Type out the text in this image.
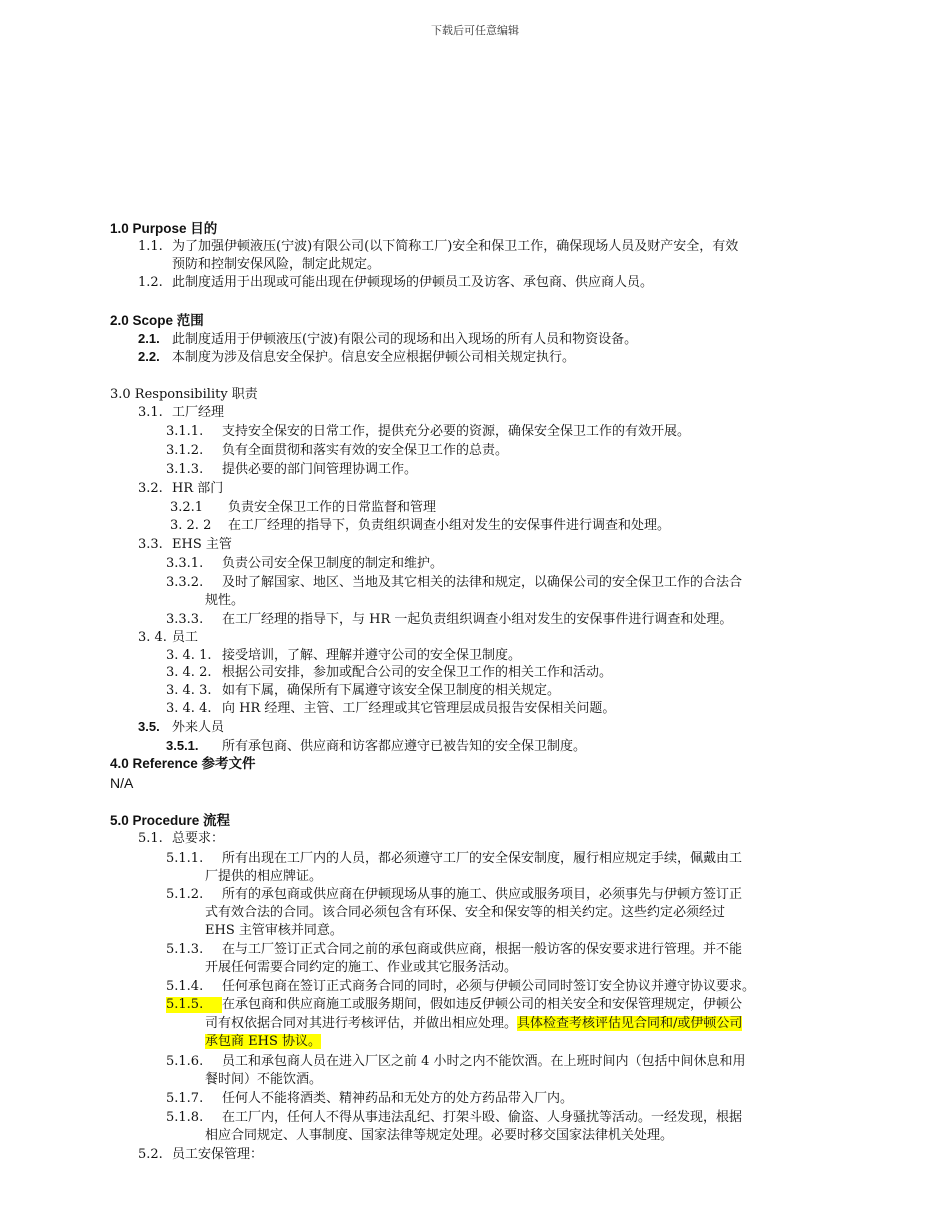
下载后可任意编辑
1.0 Purpose 目的
1.1. 为了加强伊顿液压(宁波)有限公司(以下简称工厂)安全和保卫工作，确保现场人员及财产安全，有效
预防和控制安保风险，制定此规定。
1.2. 此制度适用于出现或可能出现在伊顿现场的伊顿员工及访客、承包商、供应商人员。
2.0 Scope 范围
2.1. 此制度适用于伊顿液压(宁波)有限公司的现场和出入现场的所有人员和物资设备。
2.2. 本制度为涉及信息安全保护。信息安全应根据伊顿公司相关规定执行。
3.0 Responsibility 职责
3.1. 工厂经理
3.1.1. 支持安全保安的日常工作，提供充分必要的资源，确保安全保卫工作的有效开展。
3.1.2. 负有全面贯彻和落实有效的安全保卫工作的总责。
3.1.3. 提供必要的部门间管理协调工作。
3.2. HR 部门
3.2.1 负责安全保卫工作的日常监督和管理
3. 2. 2 在工厂经理的指导下，负责组织调查小组对发生的安保事件进行调查和处理。
3.3. EHS 主管
3.3.1. 负责公司安全保卫制度的制定和维护。
3.3.2. 及时了解国家、地区、当地及其它相关的法律和规定，以确保公司的安全保卫工作的合法合
规性。
3.3.3. 在工厂经理的指导下，与 HR 一起负责组织调查小组对发生的安保事件进行调查和处理。
3. 4. 员工
3. 4. 1. 接受培训，了解、理解并遵守公司的安全保卫制度。
3. 4. 2. 根据公司安排，参加或配合公司的安全保卫工作的相关工作和活动。
3. 4. 3. 如有下属，确保所有下属遵守该安全保卫制度的相关规定。
3. 4. 4. 向 HR 经理、主管、工厂经理或其它管理层成员报告安保相关问题。
3.5. 外来人员
3.5.1. 所有承包商、供应商和访客都应遵守已被告知的安全保卫制度。
4.0 Reference 参考文件
N/A
5.0 Procedure 流程
5.1. 总要求：
5.1.1. 所有出现在工厂内的人员，都必须遵守工厂的安全保安制度，履行相应规定手续，佩戴由工
厂提供的相应牌证。
5.1.2. 所有的承包商或供应商在伊顿现场从事的施工、供应或服务项目，必须事先与伊顿方签订正
式有效合法的合同。该合同必须包含有环保、安全和保安等的相关约定。这些约定必须经过
EHS 主管审核并同意。
5.1.3. 在与工厂签订正式合同之前的承包商或供应商，根据一般访客的保安要求进行管理。并不能
开展任何需要合同约定的施工、作业或其它服务活动。
5.1.4. 任何承包商在签订正式商务合同的同时，必须与伊顿公司同时签订安全协议并遵守协议要求。
5.1.5. 在承包商和供应商施工或服务期间，假如违反伊顿公司的相关安全和安保管理规定，伊顿公
司有权依据合同对其进行考核评估，并做出相应处理。具体检查考核评估见合同和/或伊顿公司
承包商 EHS 协议。
5.1.6. 员工和承包商人员在进入厂区之前 4 小时之内不能饮酒。在上班时间内（包括中间休息和用
餐时间）不能饮酒。
5.1.7. 任何人不能将酒类、精神药品和无处方的处方药品带入厂内。
5.1.8. 在工厂内，任何人不得从事违法乱纪、打架斗殴、偷盗、人身骚扰等活动。一经发现，根据
相应合同规定、人事制度、国家法律等规定处理。必要时移交国家法律机关处理。
5.2. 员工安保管理：
